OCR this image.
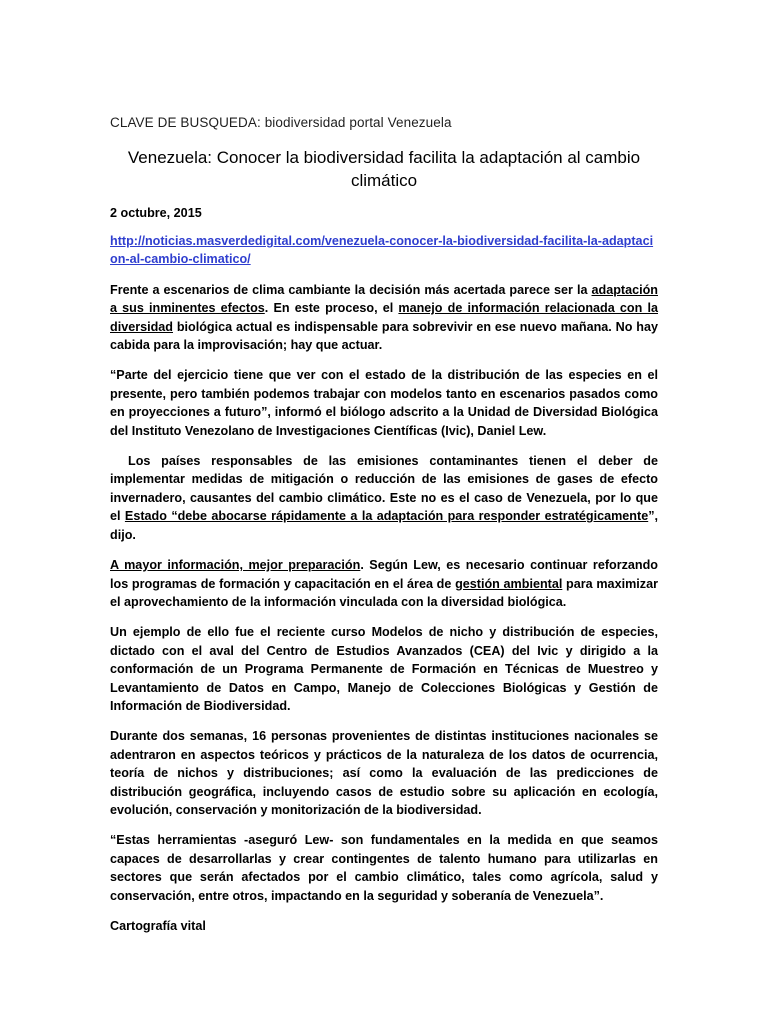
CLAVE DE BUSQUEDA: biodiversidad portal Venezuela

Venezuela: Conocer la biodiversidad facilita la adaptación al cambio climático

2 octubre, 2015

http://noticias.masverdedigital.com/venezuela-conocer-la-biodiversidad-facilita-la-adaptacion-al-cambio-climatico/

Frente a escenarios de clima cambiante la decisión más acertada parece ser la adaptación a sus inminentes efectos. En este proceso, el manejo de información relacionada con la diversidad biológica actual es indispensable para sobrevivir en ese nuevo mañana. No hay cabida para la improvisación; hay que actuar.

“Parte del ejercicio tiene que ver con el estado de la distribución de las especies en el presente, pero también podemos trabajar con modelos tanto en escenarios pasados como en proyecciones a futuro”, informó el biólogo adscrito a la Unidad de Diversidad Biológica del Instituto Venezolano de Investigaciones Científicas (Ivic), Daniel Lew.

Los países responsables de las emisiones contaminantes tienen el deber de implementar medidas de mitigación o reducción de las emisiones de gases de efecto invernadero, causantes del cambio climático. Este no es el caso de Venezuela, por lo que el Estado “debe abocarse rápidamente a la adaptación para responder estratégicamente”, dijo.

A mayor información, mejor preparación. Según Lew, es necesario continuar reforzando los programas de formación y capacitación en el área de gestión ambiental para maximizar el aprovechamiento de la información vinculada con la diversidad biológica.

Un ejemplo de ello fue el reciente curso Modelos de nicho y distribución de especies, dictado con el aval del Centro de Estudios Avanzados (CEA) del Ivic y dirigido a la conformación de un Programa Permanente de Formación en Técnicas de Muestreo y Levantamiento de Datos en Campo, Manejo de Colecciones Biológicas y Gestión de Información de Biodiversidad.

Durante dos semanas, 16 personas provenientes de distintas instituciones nacionales se adentraron en aspectos teóricos y prácticos de la naturaleza de los datos de ocurrencia, teoría de nichos y distribuciones; así como la evaluación de las predicciones de distribución geográfica, incluyendo casos de estudio sobre su aplicación en ecología, evolución, conservación y monitorización de la biodiversidad.

“Estas herramientas -aseguró Lew- son fundamentales en la medida en que seamos capaces de desarrollarlas y crear contingentes de talento humano para utilizarlas en sectores que serán afectados por el cambio climático, tales como agrícola, salud y conservación, entre otros, impactando en la seguridad y soberanía de Venezuela”.

Cartografía vital
